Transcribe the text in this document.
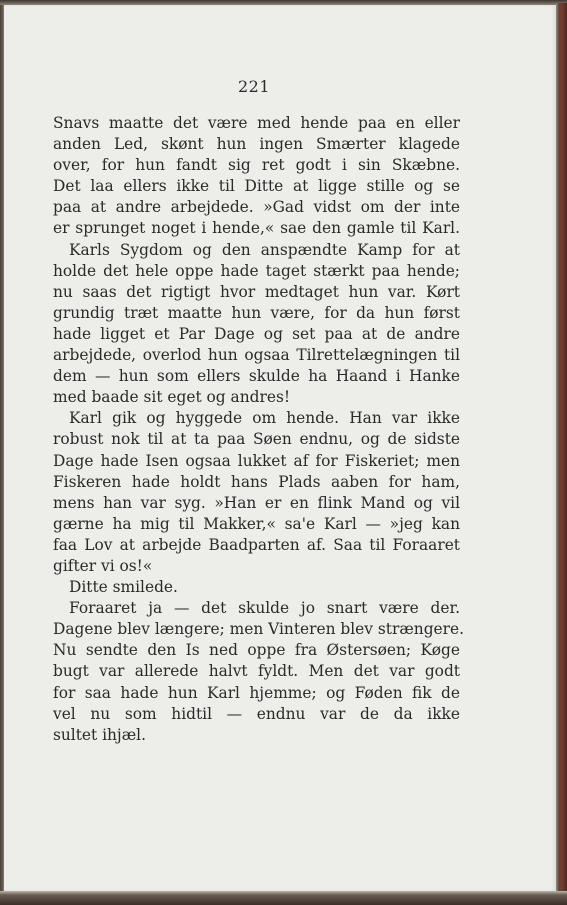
221
Snavs maatte det være med hende paa en eller
anden Led, skønt hun ingen Smærter klagede
over, for hun fandt sig ret godt i sin Skæbne.
Det laa ellers ikke til Ditte at ligge stille og se
paa at andre arbejdede. »Gad vidst om der inte
er sprunget noget i hende,« sae den gamle til Karl.
Karls Sygdom og den anspændte Kamp for at
holde det hele oppe hade taget stærkt paa hende;
nu saas det rigtigt hvor medtaget hun var. Kørt
grundig træt maatte hun være, for da hun først
hade ligget et Par Dage og set paa at de andre
arbejdede, overlod hun ogsaa Tilrettelægningen til
dem — hun som ellers skulde ha Haand i Hanke
med baade sit eget og andres!
Karl gik og hyggede om hende. Han var ikke
robust nok til at ta paa Søen endnu, og de sidste
Dage hade Isen ogsaa lukket af for Fiskeriet; men
Fiskeren hade holdt hans Plads aaben for ham,
mens han var syg. »Han er en flink Mand og vil
gærne ha mig til Makker,« sa'e Karl — »jeg kan
faa Lov at arbejde Baadparten af. Saa til Foraaret
gifter vi os!«
Ditte smilede.
Foraaret ja — det skulde jo snart være der.
Dagene blev længere; men Vinteren blev strængere.
Nu sendte den Is ned oppe fra Østersøen; Køge
bugt var allerede halvt fyldt. Men det var godt
for saa hade hun Karl hjemme; og Føden fik de
vel nu som hidtil — endnu var de da ikke
sultet ihjæl.
